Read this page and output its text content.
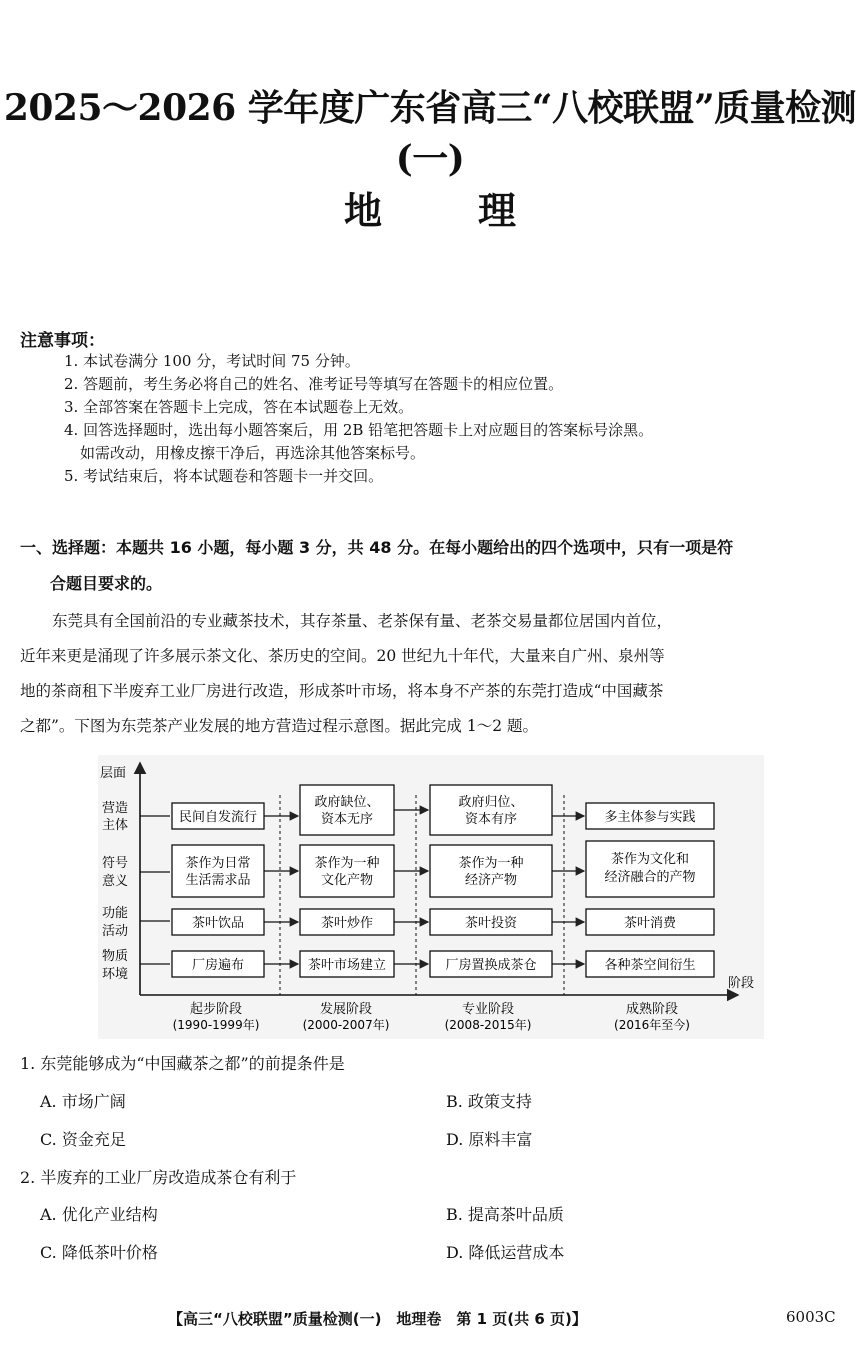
2025～2026 学年度广东省高三“八校联盟”质量检测(一)
地理
注意事项：
1. 本试卷满分 100 分，考试时间 75 分钟。
2. 答题前，考生务必将自己的姓名、准考证号等填写在答题卡的相应位置。
3. 全部答案在答题卡上完成，答在本试题卷上无效。
4. 回答选择题时，选出每小题答案后，用 2B 铅笔把答题卡上对应题目的答案标号涂黑。
如需改动，用橡皮擦干净后，再选涂其他答案标号。
5. 考试结束后，将本试题卷和答题卡一并交回。
一、选择题：本题共 16 小题，每小题 3 分，共 48 分。在每小题给出的四个选项中，只有一项是符
合题目要求的。
东莞具有全国前沿的专业藏茶技术，其存茶量、老茶保有量、老茶交易量都位居国内首位，
近年来更是涌现了许多展示茶文化、茶历史的空间。20 世纪九十年代，大量来自广州、泉州等
地的茶商租下半废弃工业厂房进行改造，形成茶叶市场，将本身不产茶的东莞打造成“中国藏茶
之都”。下图为东莞茶产业发展的地方营造过程示意图。据此完成 1～2 题。
层面
阶段
营造
主体
符号
意义
功能
活动
物质
环境
民间自发流行
政府缺位、
资本无序
政府归位、
资本有序	多主体参与实践
茶作为日常
生活需求品
茶作为一种
文化产物
茶作为一种
经济产物
茶作为文化和
经济融合的产物
茶叶饮品	茶叶炒作	茶叶投资	茶叶消费
厂房遍布	茶叶市场建立	厂房置换成茶仓	各种茶空间衍生
起步阶段
(1990-1999年)
发展阶段
(2000-2007年)
专业阶段
(2008-2015年)
成熟阶段
(2016年至今)
1. 东莞能够成为“中国藏茶之都”的前提条件是
A. 市场广阔	B. 政策支持
C. 资金充足	D. 原料丰富
2. 半废弃的工业厂房改造成茶仓有利于
A. 优化产业结构	B. 提高茶叶品质
C. 降低茶叶价格	D. 降低运营成本
【高三“八校联盟”质量检测(一)　地理卷　第 1 页(共 6 页)】	6003C
